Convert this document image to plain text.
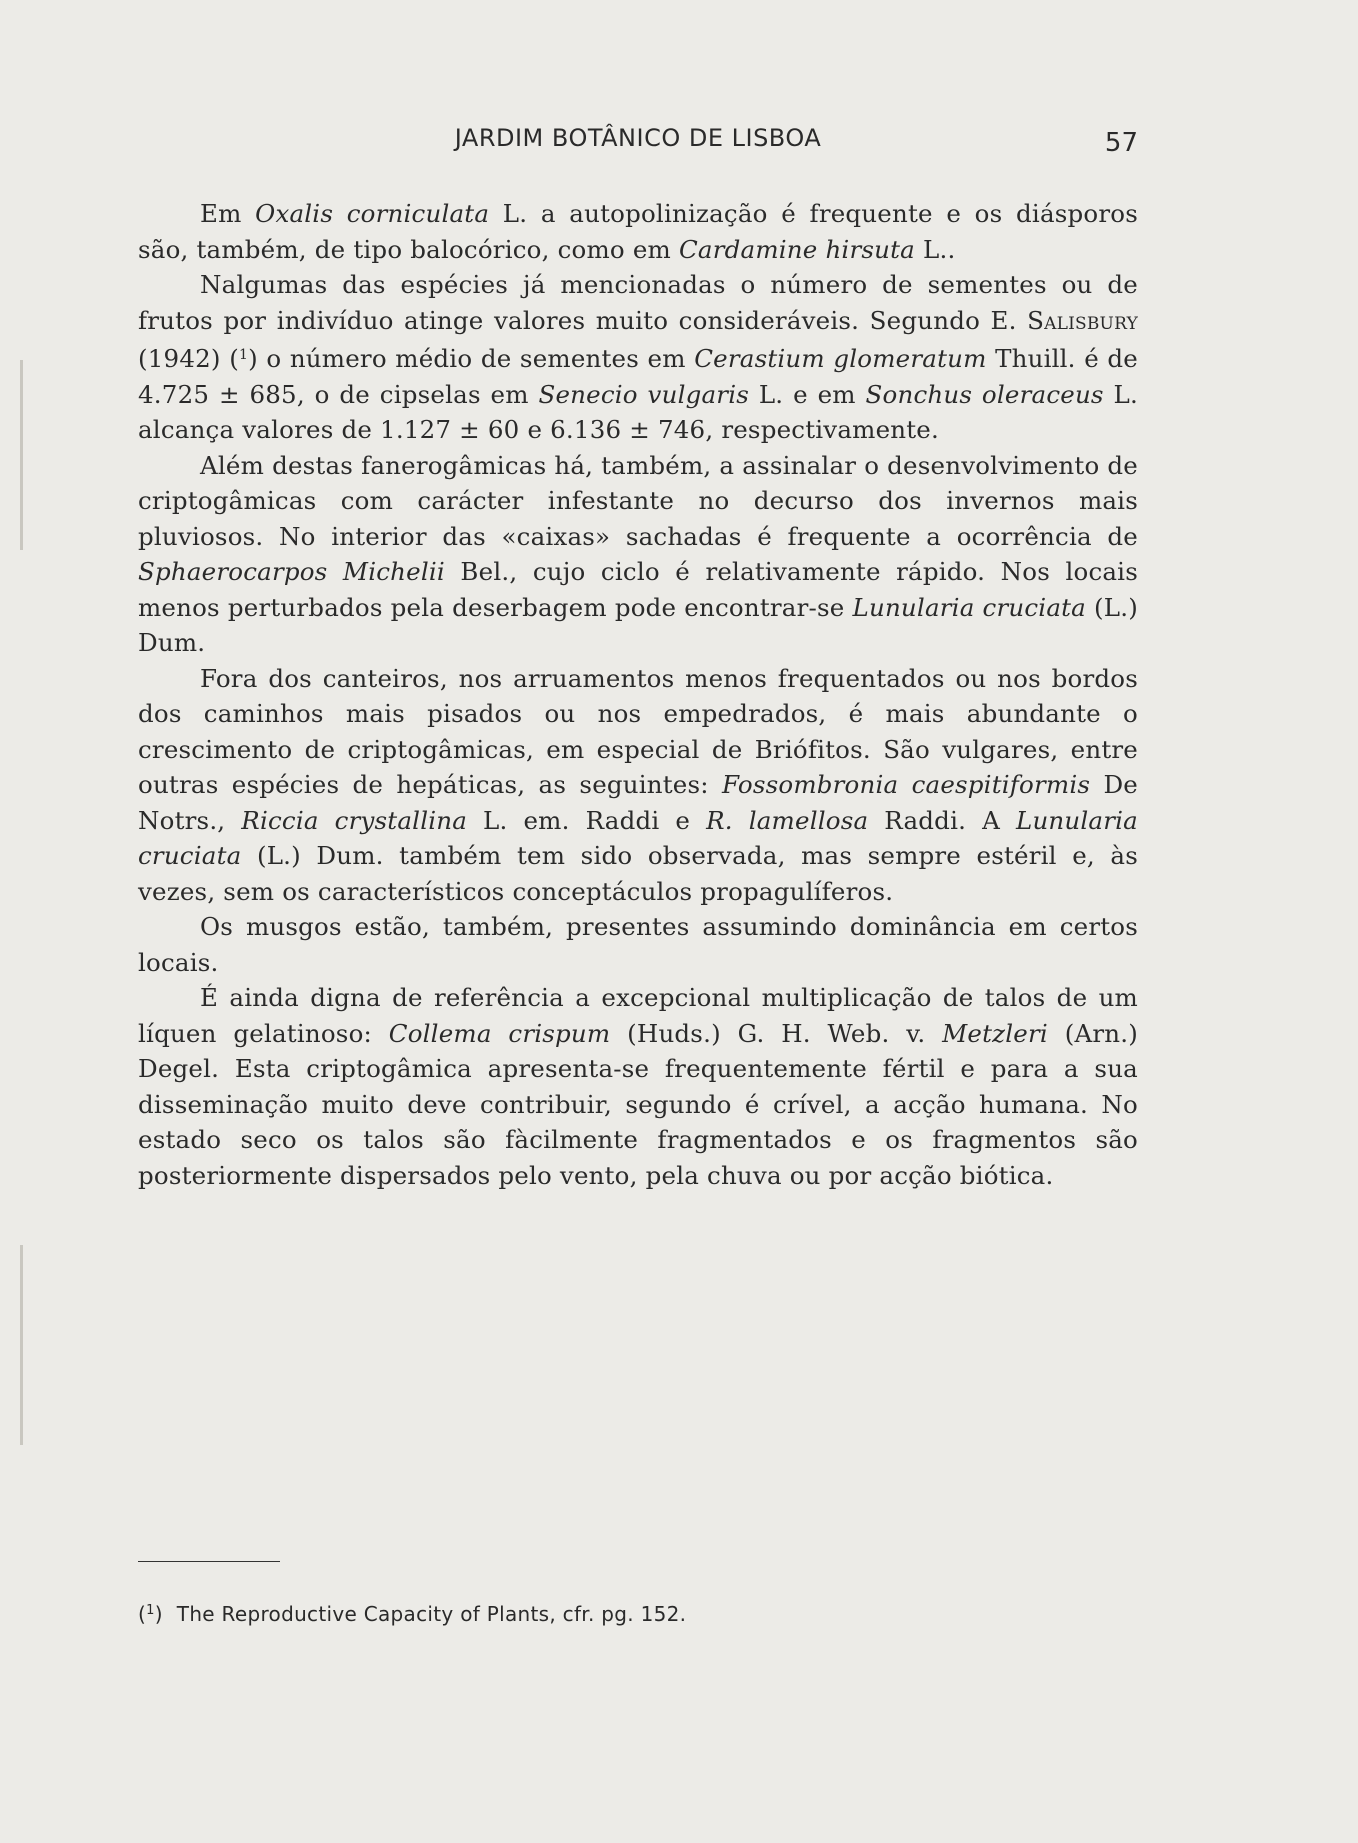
JARDIM BOTÂNICO DE LISBOA	57

Em Oxalis corniculata L. a autopolinização é frequente e os diásporos são, também, de tipo balocórico, como em Cardamine hirsuta L..

Nalgumas das espécies já mencionadas o número de sementes ou de frutos por indivíduo atinge valores muito consideráveis. Segundo E. Salisbury (1942) ($^1$) o número médio de sementes em Cerastium glomeratum Thuill. é de 4.725 ± 685, o de cipselas em Senecio vulgaris L. e em Sonchus oleraceus L. alcança valores de 1.127 ± 60 e 6.136 ± 746, respectivamente.

Além destas fanerogâmicas há, também, a assinalar o desenvolvimento de criptogâmicas com carácter infestante no decurso dos invernos mais pluviosos. No interior das «caixas» sachadas é frequente a ocorrência de Sphaerocarpos Michelii Bel., cujo ciclo é relativamente rápido. Nos locais menos perturbados pela deserbagem pode encontrar-se Lunularia cruciata (L.) Dum.

Fora dos canteiros, nos arruamentos menos frequentados ou nos bordos dos caminhos mais pisados ou nos empedrados, é mais abundante o crescimento de criptogâmicas, em especial de Briófitos. São vulgares, entre outras espécies de hepáticas, as seguintes: Fossombronia caespitiformis De Notrs., Riccia crystallina L. em. Raddi e R. lamellosa Raddi. A Lunularia cruciata (L.) Dum. também tem sido observada, mas sempre estéril e, às vezes, sem os característicos conceptáculos propagulíferos.

Os musgos estão, também, presentes assumindo dominância em certos locais.

É ainda digna de referência a excepcional multiplicação de talos de um líquen gelatinoso: Collema crispum (Huds.) G. H. Web. v. Metzleri (Arn.) Degel. Esta criptogâmica apresenta-se frequentemente fértil e para a sua disseminação muito deve contribuir, segundo é crível, a acção humana. No estado seco os talos são fàcilmente fragmentados e os fragmentos são posteriormente dispersados pelo vento, pela chuva ou por acção biótica.

($^1$) The Reproductive Capacity of Plants, cfr. pg. 152.
